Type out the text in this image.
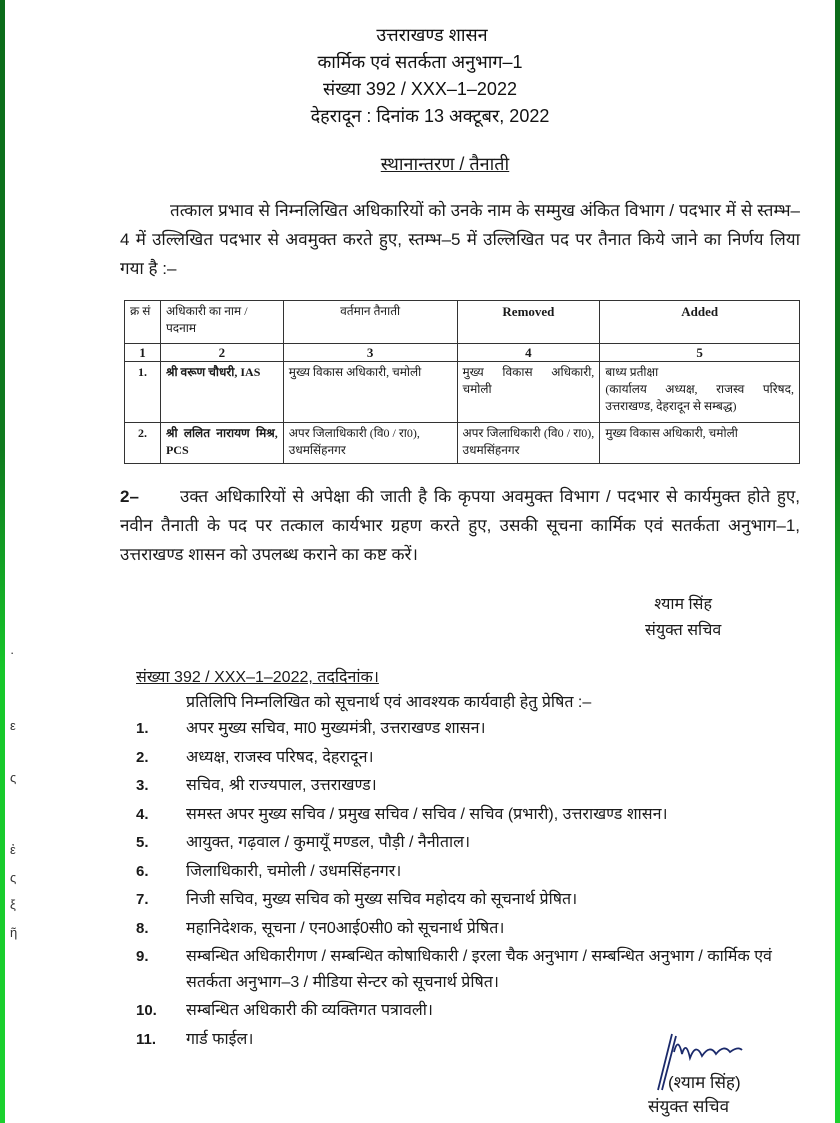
·
ε
ς
ἐ
ς
ξ
ῆ
उत्तराखण्ड शासन
कार्मिक एवं सतर्कता अनुभाग–1
संख्या 392 / XXX–1–2022
देहरादून : दिनांक 13 अक्टूबर, 2022
स्थानान्तरण / तैनाती
तत्काल प्रभाव से निम्नलिखित अधिकारियों को उनके नाम के सम्मुख अंकित विभाग / पदभार में से स्तम्भ–4 में उल्लिखित पदभार से अवमुक्त करते हुए, स्तम्भ–5 में उल्लिखित पद पर तैनात किये जाने का निर्णय लिया गया है :–
क्र सं	अधिकारी का नाम / पदनाम	वर्तमान तैनाती	Removed	Added
1	2	3	4	5
1.	श्री वरूण चौधरी, IAS	मुख्य विकास अधिकारी, चमोली	मुख्य विकास अधिकारी, चमोली	बाध्य प्रतीक्षा
(कार्यालय अध्यक्ष, राजस्व परिषद, उत्तराखण्ड, देहरादून से सम्बद्ध)

2.	श्री ललित नारायण मिश्र, PCS	अपर जिलाधिकारी (वि0 / रा0), उधमसिंहनगर	अपर जिलाधिकारी (वि0 / रा0), उधमसिंहनगर	मुख्य विकास अधिकारी, चमोली
2– उक्त अधिकारियों से अपेक्षा की जाती है कि कृपया अवमुक्त विभाग / पदभार से कार्यमुक्त होते हुए, नवीन तैनाती के पद पर तत्काल कार्यभार ग्रहण करते हुए, उसकी सूचना कार्मिक एवं सतर्कता अनुभाग–1, उत्तराखण्ड शासन को उपलब्ध कराने का कष्ट करें।
श्याम सिंह
संयुक्त सचिव
संख्या 392 / XXX–1–2022, तददिनांक।
प्रतिलिपि निम्नलिखित को सूचनार्थ एवं आवश्यक कार्यवाही हेतु प्रेषित :–
1.	अपर मुख्य सचिव, मा0 मुख्यमंत्री, उत्तराखण्ड शासन।
2.	अध्यक्ष, राजस्व परिषद, देहरादून।
3.	सचिव, श्री राज्यपाल, उत्तराखण्ड।
4.	समस्त अपर मुख्य सचिव / प्रमुख सचिव / सचिव / सचिव (प्रभारी), उत्तराखण्ड शासन।
5.	आयुक्त, गढ़वाल / कुमायूँ मण्डल, पौड़ी / नैनीताल।
6.	जिलाधिकारी, चमोली / उधमसिंहनगर।
7.	निजी सचिव, मुख्य सचिव को मुख्य सचिव महोदय को सूचनार्थ प्रेषित।
8.	महानिदेशक, सूचना / एन0आई0सी0 को सूचनार्थ प्रेषित।
9.	सम्बन्धित अधिकारीगण / सम्बन्धित कोषाधिकारी / इरला चैक अनुभाग / सम्बन्धित अनुभाग / कार्मिक एवं सतर्कता अनुभाग–3 / मीडिया सेन्टर को सूचनार्थ प्रेषित।
10.	सम्बन्धित अधिकारी की व्यक्तिगत पत्रावली।
11.	गार्ड फाईल।
(श्याम सिंह)
संयुक्त सचिव
